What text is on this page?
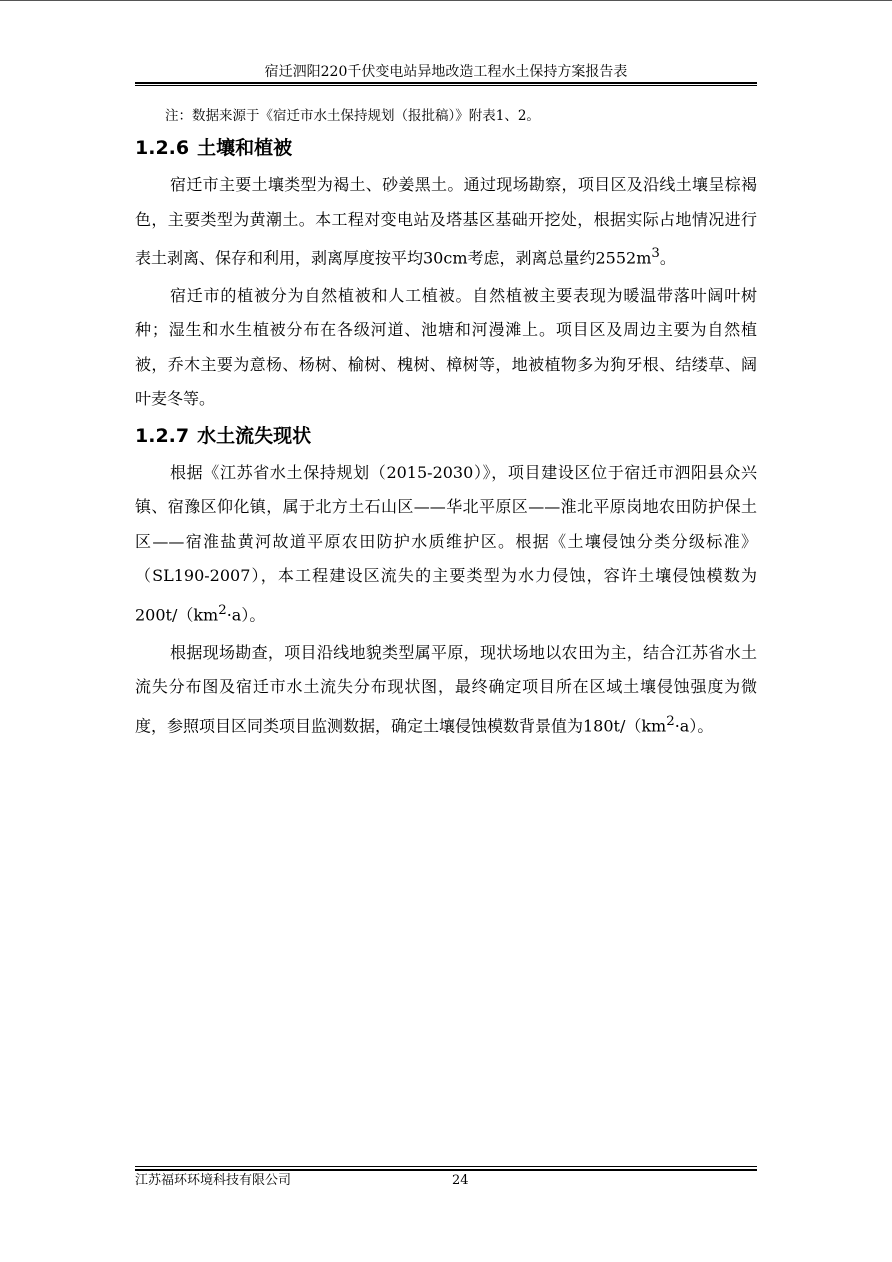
宿迁泗阳220千伏变电站异地改造工程水土保持方案报告表

注：数据来源于《宿迁市水土保持规划（报批稿）》附表1、2。

1.2.6 土壤和植被

宿迁市主要土壤类型为褐土、砂姜黑土。通过现场勘察，项目区及沿线土壤呈棕褐色，主要类型为黄潮土。本工程对变电站及塔基区基础开挖处，根据实际占地情况进行表土剥离、保存和利用，剥离厚度按平均30cm考虑，剥离总量约$2552m^3$。

宿迁市的植被分为自然植被和人工植被。自然植被主要表现为暖温带落叶阔叶树种；湿生和水生植被分布在各级河道、池塘和河漫滩上。项目区及周边主要为自然植被，乔木主要为意杨、杨树、榆树、槐树、樟树等，地被植物多为狗牙根、结缕草、阔叶麦冬等。

1.2.7 水土流失现状

根据《江苏省水土保持规划（2015-2030）》，项目建设区位于宿迁市泗阳县众兴镇、宿豫区仰化镇，属于北方土石山区——华北平原区——淮北平原岗地农田防护保土区——宿淮盐黄河故道平原农田防护水质维护区。根据《土壤侵蚀分类分级标准》（SL190-2007），本工程建设区流失的主要类型为水力侵蚀，容许土壤侵蚀模数为$200t/(km^2\cdot a)$。

根据现场勘查，项目沿线地貌类型属平原，现状场地以农田为主，结合江苏省水土流失分布图及宿迁市水土流失分布现状图，最终确定项目所在区域土壤侵蚀强度为微度，参照项目区同类项目监测数据，确定土壤侵蚀模数背景值为$180t/(km^2\cdot a)$。

江苏福环环境科技有限公司	24
